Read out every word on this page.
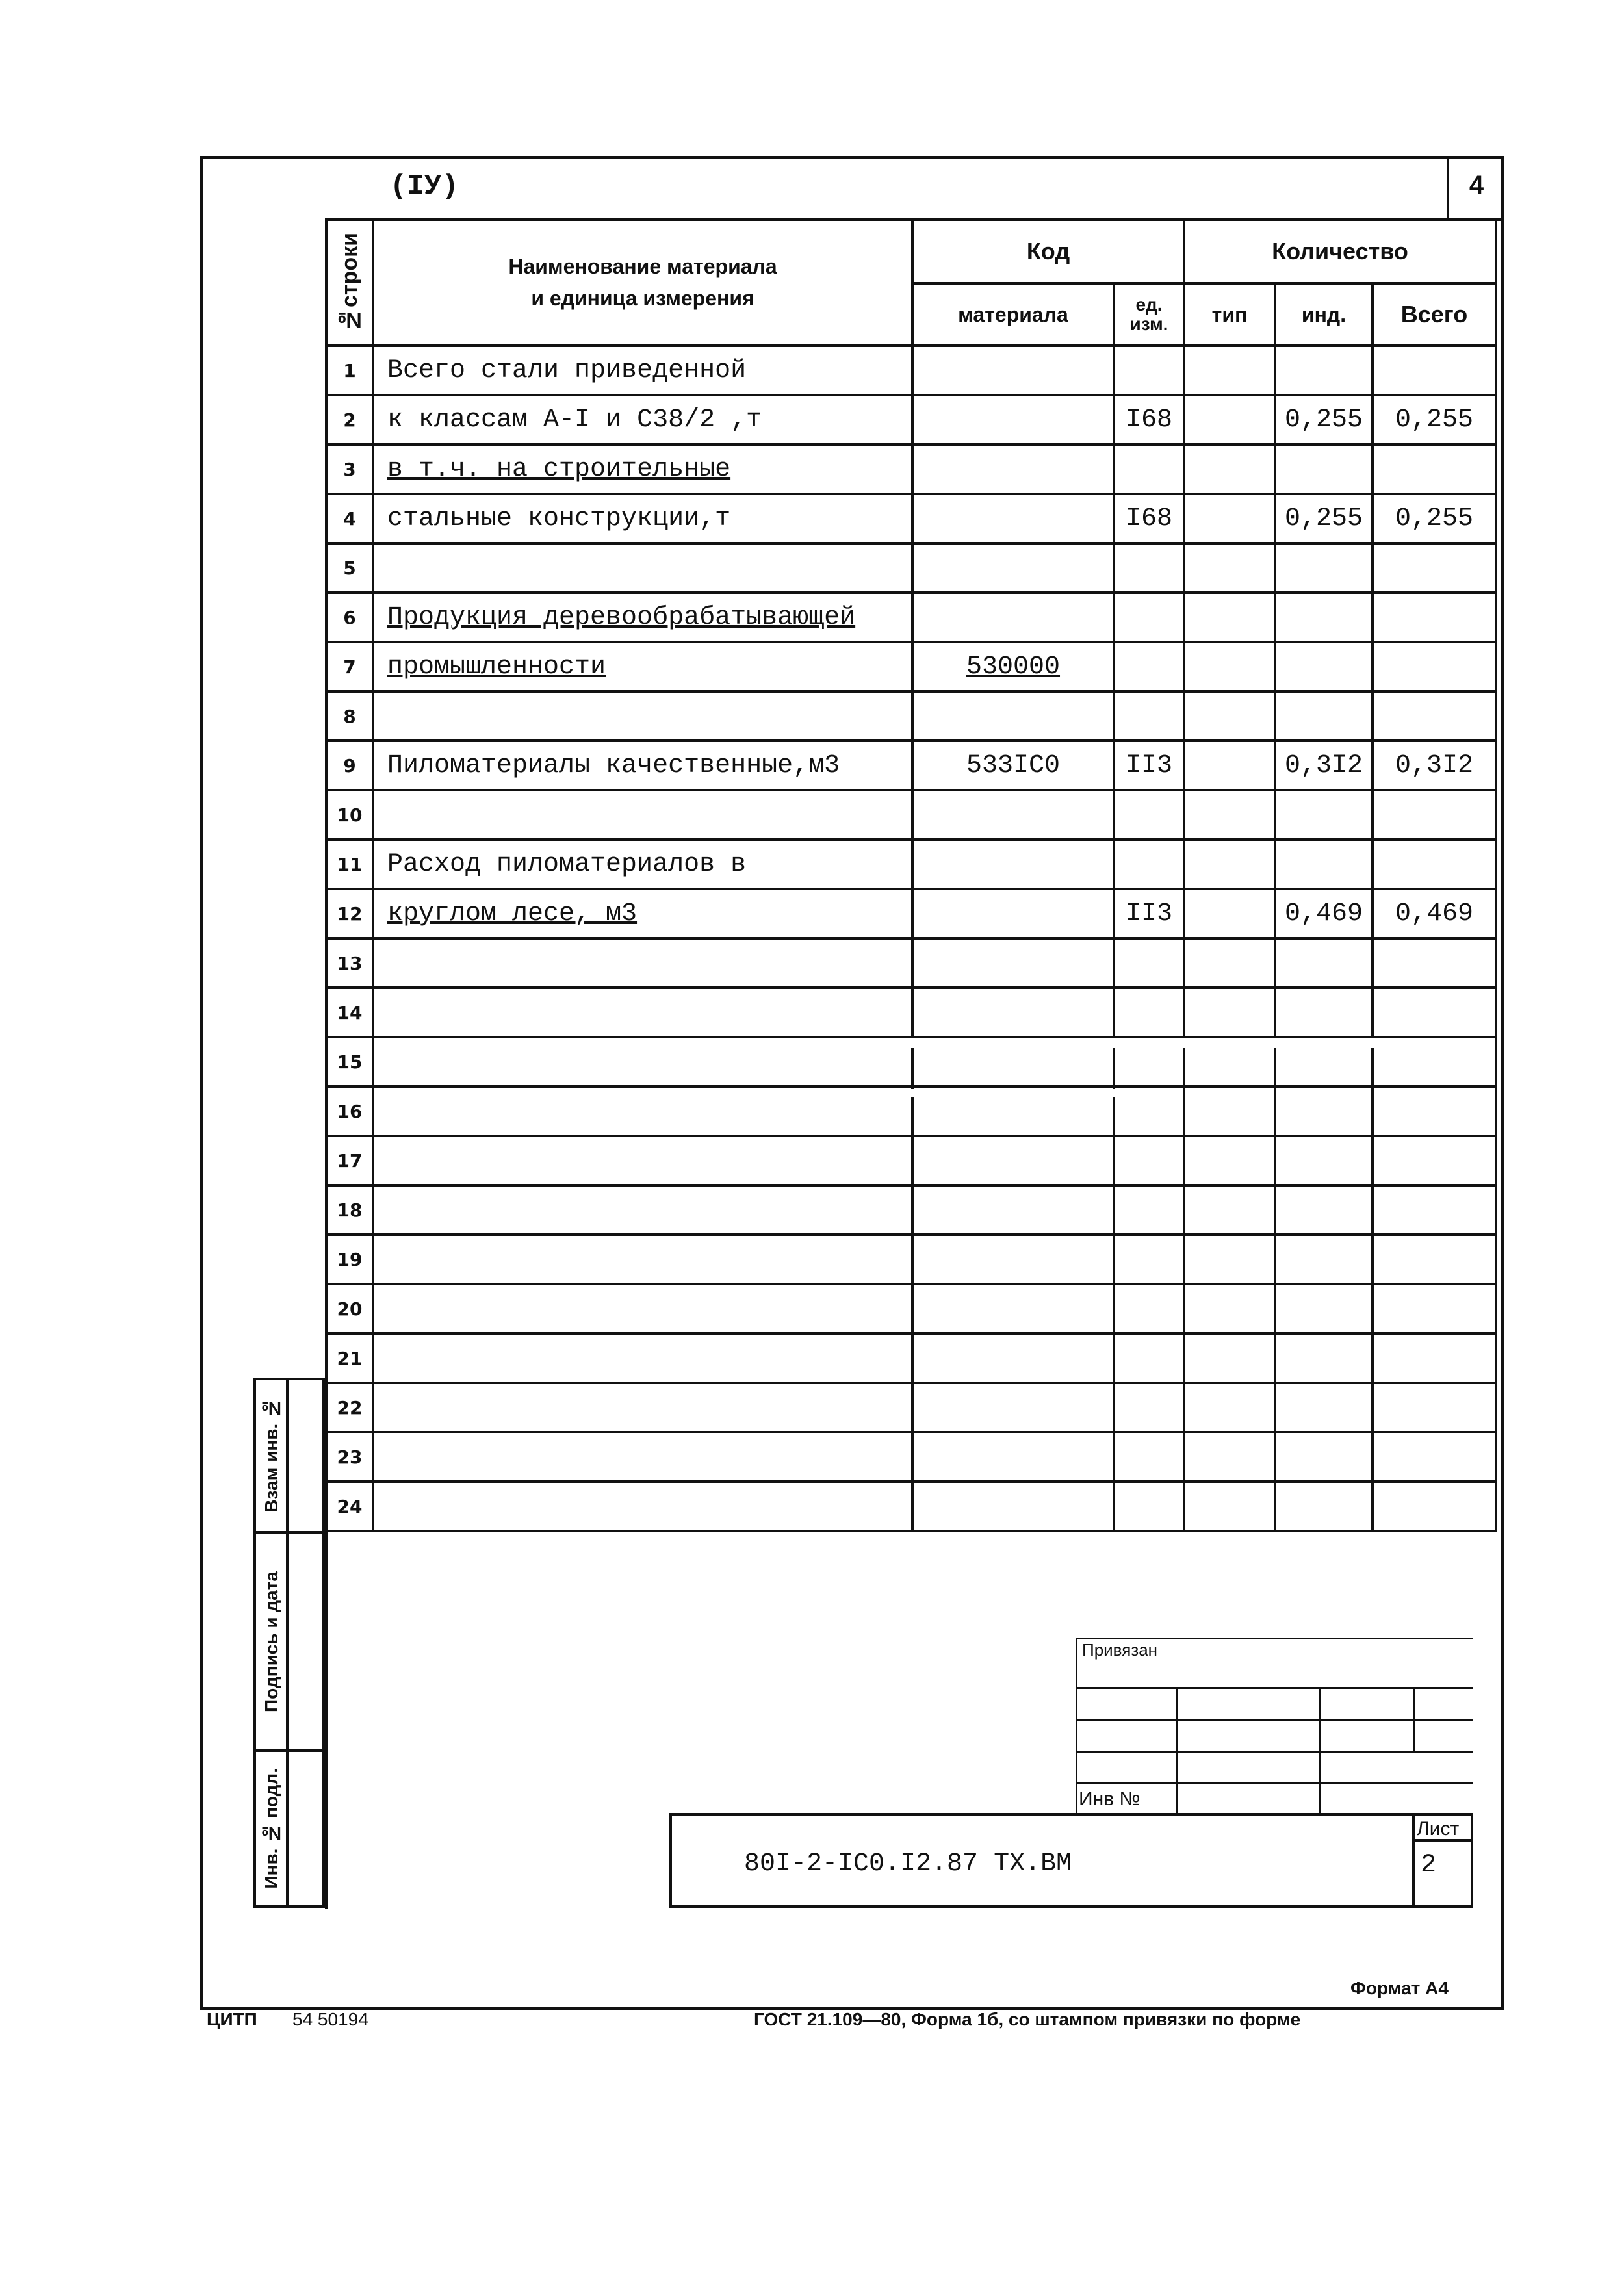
4
(IУ)
№строки	Наименование материала
и единица измерения	Код		Количество		
		материала	ед. изм.	тип	инд.	Всего
1	Всего стали приведенной					
2	к классам А-I и С38/2 ,т		I68		0,255	0,255
3	в т.ч. на строительные					
4	стальные конструкции,т		I68		0,255	0,255
5						
6	Продукция деревообрабатывающей					
7	промышленности	530000				
8						
9	Пиломатериалы качественные,м3	533IC0	II3		0,3I2	0,3I2
10						
11	Расход пиломатериалов в					
12	круглом лесе, м3		II3		0,469	0,469
13						
14						
15						
16						
17						
18						
19						
20						
21						
22						
23						
24						
Взам инв. №
Подпись и дата
Инв. № подл.
Привязан
Инв №
80I-2-IC0.I2.87 TX.BM
Лист
2
Формат А4
ЦИТП 54 50194	ГОСТ 21.109—80, Форма 1б, со штампом привязки по форме
